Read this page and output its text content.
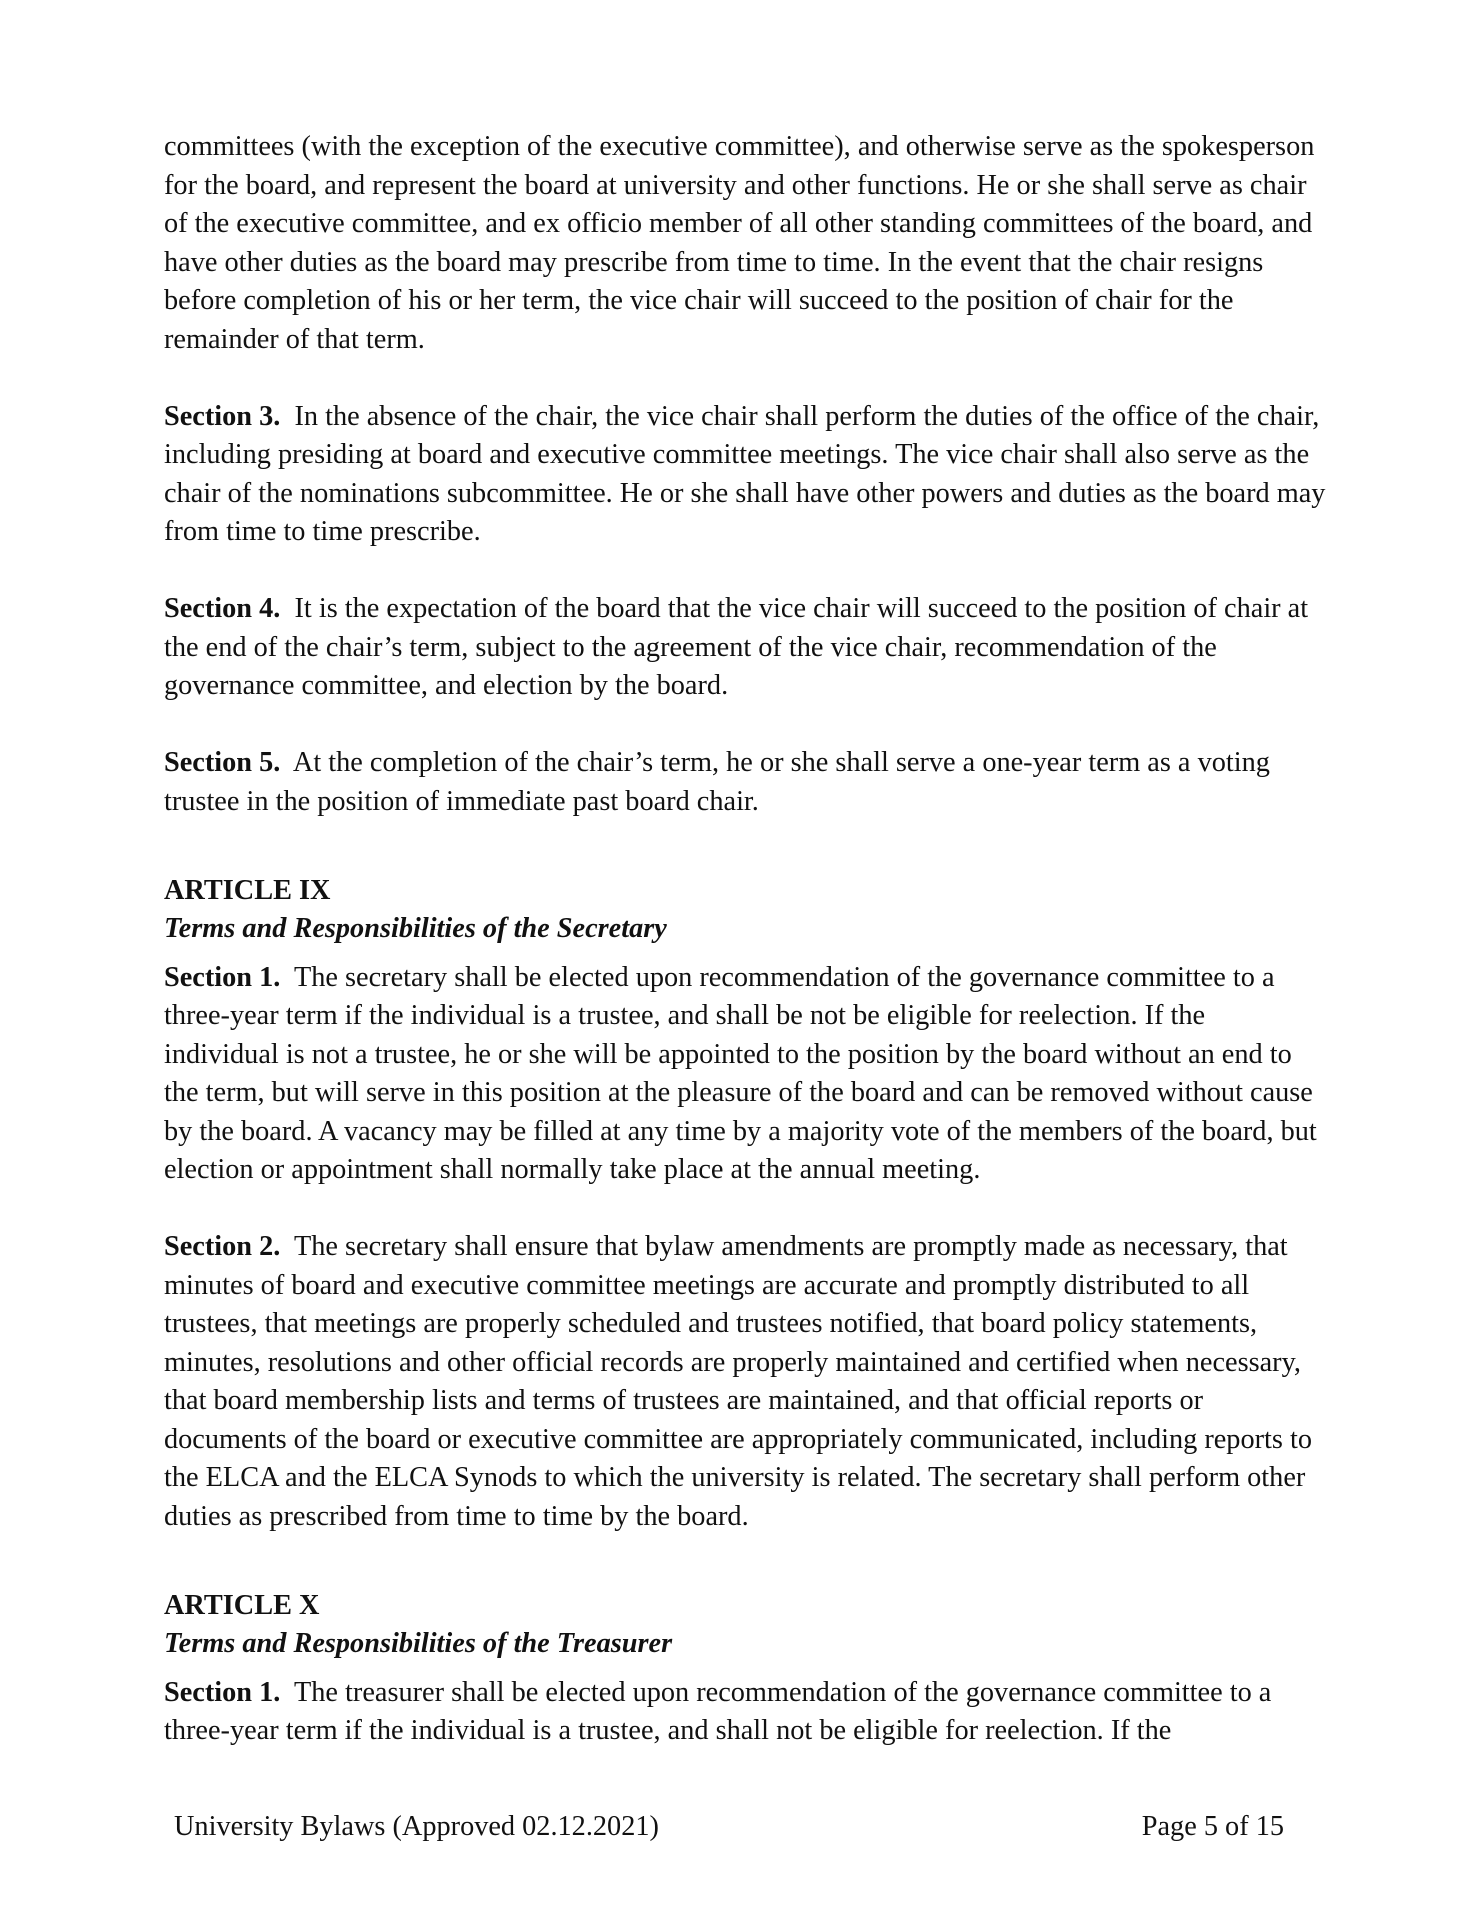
committees (with the exception of the executive committee), and otherwise serve as the spokesperson for the board, and represent the board at university and other functions. He or she shall serve as chair of the executive committee, and ex officio member of all other standing committees of the board, and have other duties as the board may prescribe from time to time. In the event that the chair resigns before completion of his or her term, the vice chair will succeed to the position of chair for the remainder of that term.

Section 3. In the absence of the chair, the vice chair shall perform the duties of the office of the chair, including presiding at board and executive committee meetings. The vice chair shall also serve as the chair of the nominations subcommittee. He or she shall have other powers and duties as the board may from time to time prescribe.

Section 4. It is the expectation of the board that the vice chair will succeed to the position of chair at the end of the chair’s term, subject to the agreement of the vice chair, recommendation of the governance committee, and election by the board.

Section 5. At the completion of the chair’s term, he or she shall serve a one-year term as a voting trustee in the position of immediate past board chair.

ARTICLE IX

Terms and Responsibilities of the Secretary

Section 1. The secretary shall be elected upon recommendation of the governance committee to a three-year term if the individual is a trustee, and shall be not be eligible for reelection. If the individual is not a trustee, he or she will be appointed to the position by the board without an end to the term, but will serve in this position at the pleasure of the board and can be removed without cause by the board. A vacancy may be filled at any time by a majority vote of the members of the board, but election or appointment shall normally take place at the annual meeting.

Section 2. The secretary shall ensure that bylaw amendments are promptly made as necessary, that minutes of board and executive committee meetings are accurate and promptly distributed to all trustees, that meetings are properly scheduled and trustees notified, that board policy statements, minutes, resolutions and other official records are properly maintained and certified when necessary, that board membership lists and terms of trustees are maintained, and that official reports or documents of the board or executive committee are appropriately communicated, including reports to the ELCA and the ELCA Synods to which the university is related. The secretary shall perform other duties as prescribed from time to time by the board.

ARTICLE X

Terms and Responsibilities of the Treasurer

Section 1. The treasurer shall be elected upon recommendation of the governance committee to a three-year term if the individual is a trustee, and shall not be eligible for reelection. If the

University Bylaws (Approved 02.12.2021)	Page 5 of 15
